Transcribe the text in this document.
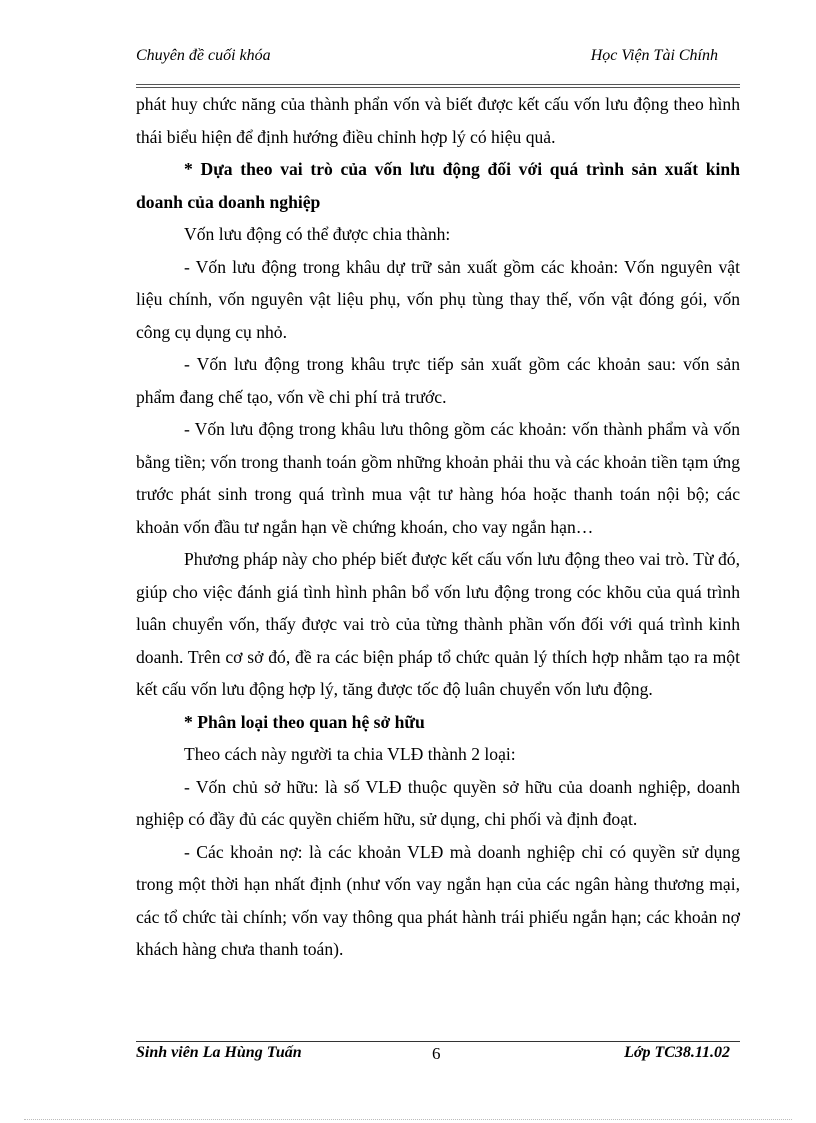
Chuyên đề cuối khóa	Học Viện Tài Chính

phát huy chức năng của thành phẩn vốn và biết được kết cấu vốn lưu động theo hình thái biểu hiện để định hướng điều chỉnh hợp lý có hiệu quả.

* Dựa theo vai trò của vốn lưu động đối với quá trình sản xuất kinh doanh của doanh nghiệp

Vốn lưu động có thể được chia thành:

- Vốn lưu động trong khâu dự trữ sản xuất gồm các khoản: Vốn nguyên vật liệu chính, vốn nguyên vật liệu phụ, vốn phụ tùng thay thế, vốn vật đóng gói, vốn công cụ dụng cụ nhỏ.

- Vốn lưu động trong khâu trực tiếp sản xuất gồm các khoản sau: vốn sản phẩm đang chế tạo, vốn về chi phí trả trước.

- Vốn lưu động trong khâu lưu thông gồm các khoản: vốn thành phẩm và vốn bằng tiền; vốn trong thanh toán gồm những khoản phải thu và các khoản tiền tạm ứng trước phát sinh trong quá trình mua vật tư hàng hóa hoặc thanh toán nội bộ; các khoản vốn đầu tư ngắn hạn về chứng khoán, cho vay ngắn hạn…

Phương pháp này cho phép biết được kết cấu vốn lưu động theo vai trò. Từ đó, giúp cho việc đánh giá tình hình phân bổ vốn lưu động trong cóc khõu của quá trình luân chuyển vốn, thấy được vai trò của từng thành phần vốn đối với quá trình kinh doanh. Trên cơ sở đó, đề ra các biện pháp tổ chức quản lý thích hợp nhằm tạo ra một kết cấu vốn lưu động hợp lý, tăng được tốc độ luân chuyển vốn lưu động.

* Phân loại theo quan hệ sở hữu

Theo cách này người ta chia VLĐ thành 2 loại:

- Vốn chủ sở hữu: là số VLĐ thuộc quyền sở hữu của doanh nghiệp, doanh nghiệp có đầy đủ các quyền chiếm hữu, sử dụng, chi phối và định đoạt.

- Các khoản nợ: là các khoản VLĐ mà doanh nghiệp chỉ có quyền sử dụng trong một thời hạn nhất định (như vốn vay ngắn hạn của các ngân hàng thương mại, các tổ chức tài chính; vốn vay thông qua phát hành trái phiếu ngắn hạn; các khoản nợ khách hàng chưa thanh toán).

Sinh viên La Hùng Tuấn	6	Lớp TC38.11.02
